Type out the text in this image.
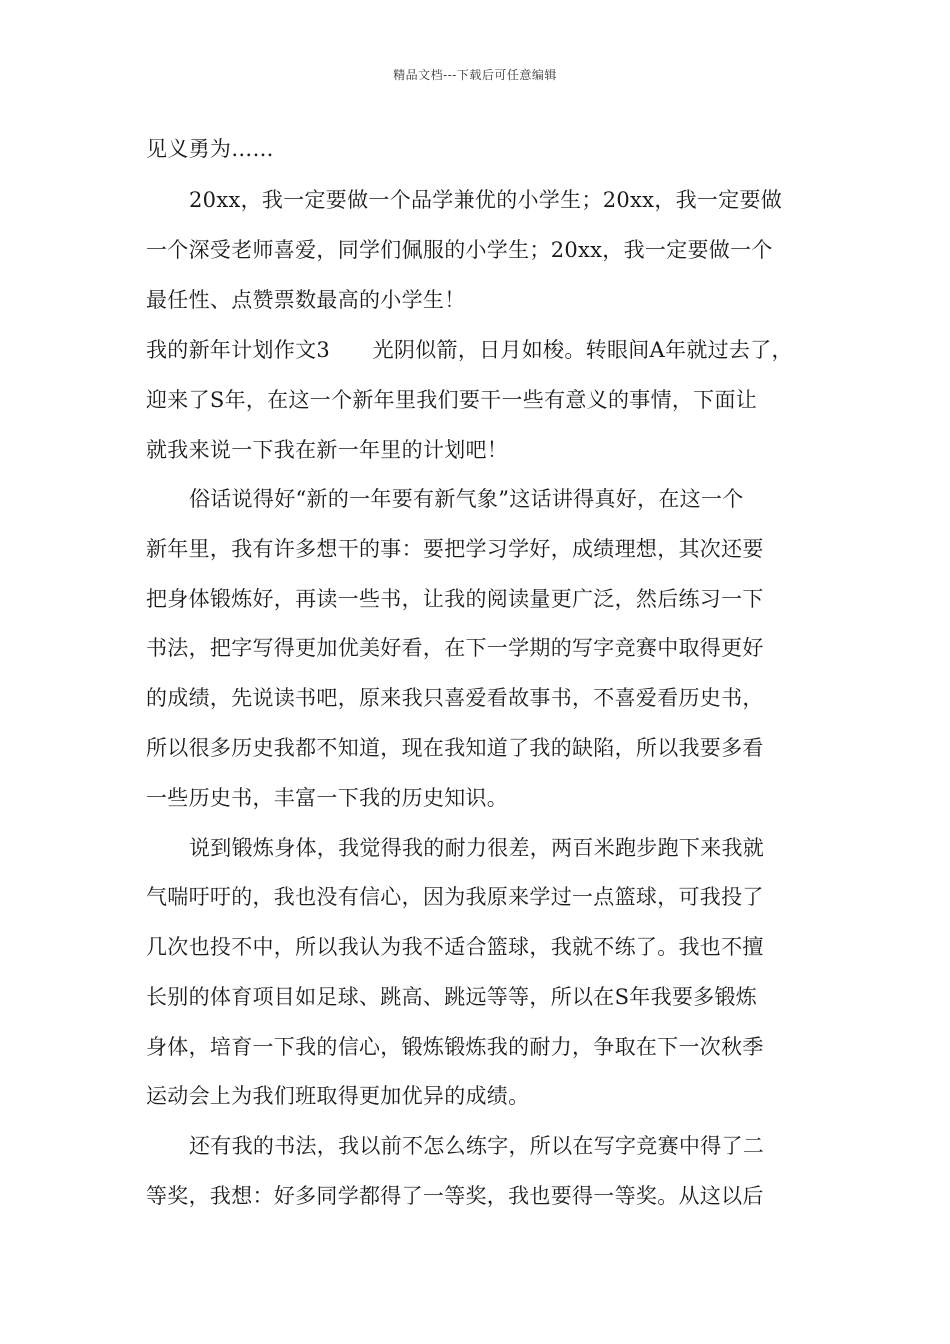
精品文档---下载后可任意编辑
见义勇为……
20xx，我一定要做一个品学兼优的小学生；20xx，我一定要做
一个深受老师喜爱，同学们佩服的小学生；20xx，我一定要做一个
最任性、点赞票数最高的小学生！
我的新年计划作文3　　光阴似箭，日月如梭。转眼间A年就过去了，
迎来了S年，在这一个新年里我们要干一些有意义的事情，下面让
就我来说一下我在新一年里的计划吧！
俗话说得好“新的一年要有新气象”这话讲得真好，在这一个
新年里，我有许多想干的事：要把学习学好，成绩理想，其次还要
把身体锻炼好，再读一些书，让我的阅读量更广泛，然后练习一下
书法，把字写得更加优美好看，在下一学期的写字竞赛中取得更好
的成绩，先说读书吧，原来我只喜爱看故事书，不喜爱看历史书，
所以很多历史我都不知道，现在我知道了我的缺陷，所以我要多看
一些历史书，丰富一下我的历史知识。
说到锻炼身体，我觉得我的耐力很差，两百米跑步跑下来我就
气喘吁吁的，我也没有信心，因为我原来学过一点篮球，可我投了
几次也投不中，所以我认为我不适合篮球，我就不练了。我也不擅
长别的体育项目如足球、跳高、跳远等等，所以在S年我要多锻炼
身体，培育一下我的信心，锻炼锻炼我的耐力，争取在下一次秋季
运动会上为我们班取得更加优异的成绩。
还有我的书法，我以前不怎么练字，所以在写字竞赛中得了二
等奖，我想：好多同学都得了一等奖，我也要得一等奖。从这以后
